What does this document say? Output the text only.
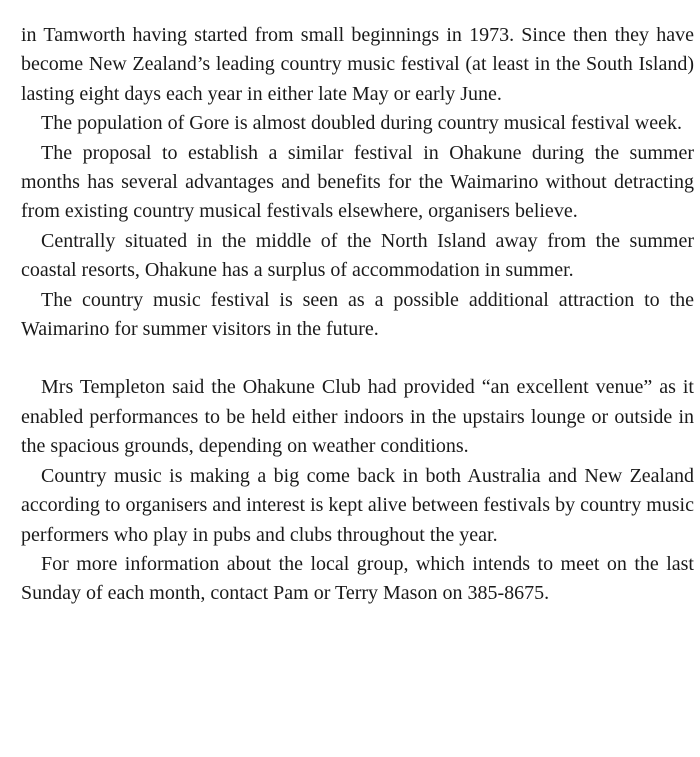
in Tamworth having started from small beginnings in 1973. Since then they have become New Zealand’s leading country music festival (at least in the South Island) lasting eight days each year in either late May or early June.

The population of Gore is almost doubled during country musical festival week.

The proposal to establish a similar festival in Ohakune during the summer months has several advantages and benefits for the Waimarino without detracting from existing country musical festivals elsewhere, organisers believe.

Centrally situated in the middle of the North Island away from the summer coastal resorts, Ohakune has a surplus of accommodation in summer.

The country music festival is seen as a possible additional attraction to the Waimarino for summer visitors in the future.

Mrs Templeton said the Ohakune Club had provided “an excellent venue” as it enabled performances to be held either indoors in the upstairs lounge or outside in the spacious grounds, depending on weather conditions.

Country music is making a big come back in both Australia and New Zealand according to organisers and interest is kept alive between festivals by country music performers who play in pubs and clubs throughout the year.

For more information about the local group, which intends to meet on the last Sunday of each month, contact Pam or Terry Mason on 385-8675.
